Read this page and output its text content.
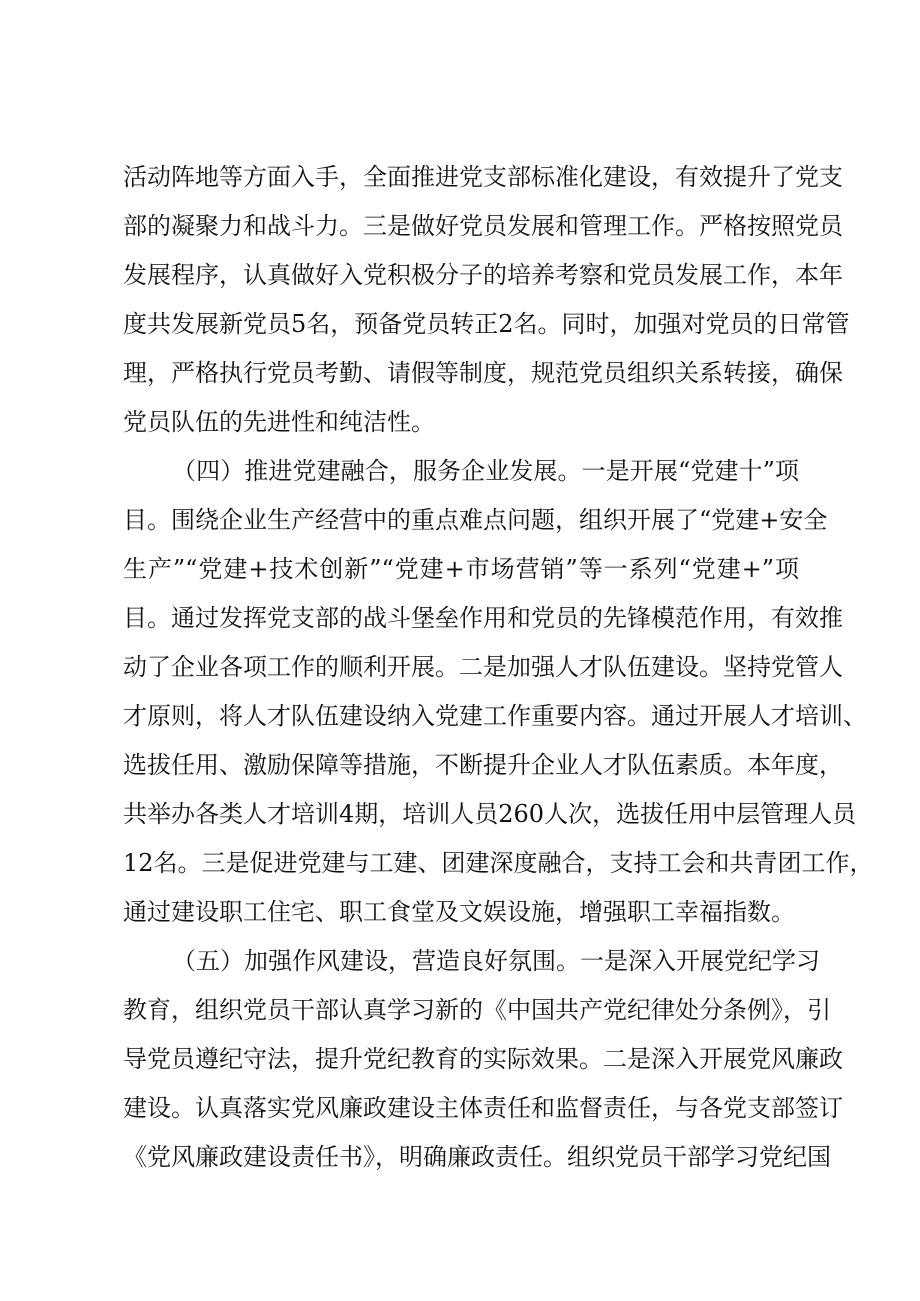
活动阵地等方面入手，全面推进党支部标准化建设，有效提升了党支
部的凝聚力和战斗力。三是做好党员发展和管理工作。严格按照党员
发展程序，认真做好入党积极分子的培养考察和党员发展工作，本年
度共发展新党员5名，预备党员转正2名。同时，加强对党员的日常管
理，严格执行党员考勤、请假等制度，规范党员组织关系转接，确保
党员队伍的先进性和纯洁性。
（四）推进党建融合，服务企业发展。一是开展“党建十”项
目。围绕企业生产经营中的重点难点问题，组织开展了“党建+安全
生产”“党建+技术创新”“党建+市场营销”等一系列“党建+”项
目。通过发挥党支部的战斗堡垒作用和党员的先锋模范作用，有效推
动了企业各项工作的顺利开展。二是加强人才队伍建设。坚持党管人
才原则，将人才队伍建设纳入党建工作重要内容。通过开展人才培训、
选拔任用、激励保障等措施，不断提升企业人才队伍素质。本年度，
共举办各类人才培训4期，培训人员260人次，选拔任用中层管理人员
12名。三是促进党建与工建、团建深度融合，支持工会和共青团工作，
通过建设职工住宅、职工食堂及文娱设施，增强职工幸福指数。
（五）加强作风建设，营造良好氛围。一是深入开展党纪学习
教育，组织党员干部认真学习新的《中国共产党纪律处分条例》，引
导党员遵纪守法，提升党纪教育的实际效果。二是深入开展党风廉政
建设。认真落实党风廉政建设主体责任和监督责任，与各党支部签订
《党风廉政建设责任书》，明确廉政责任。组织党员干部学习党纪国
